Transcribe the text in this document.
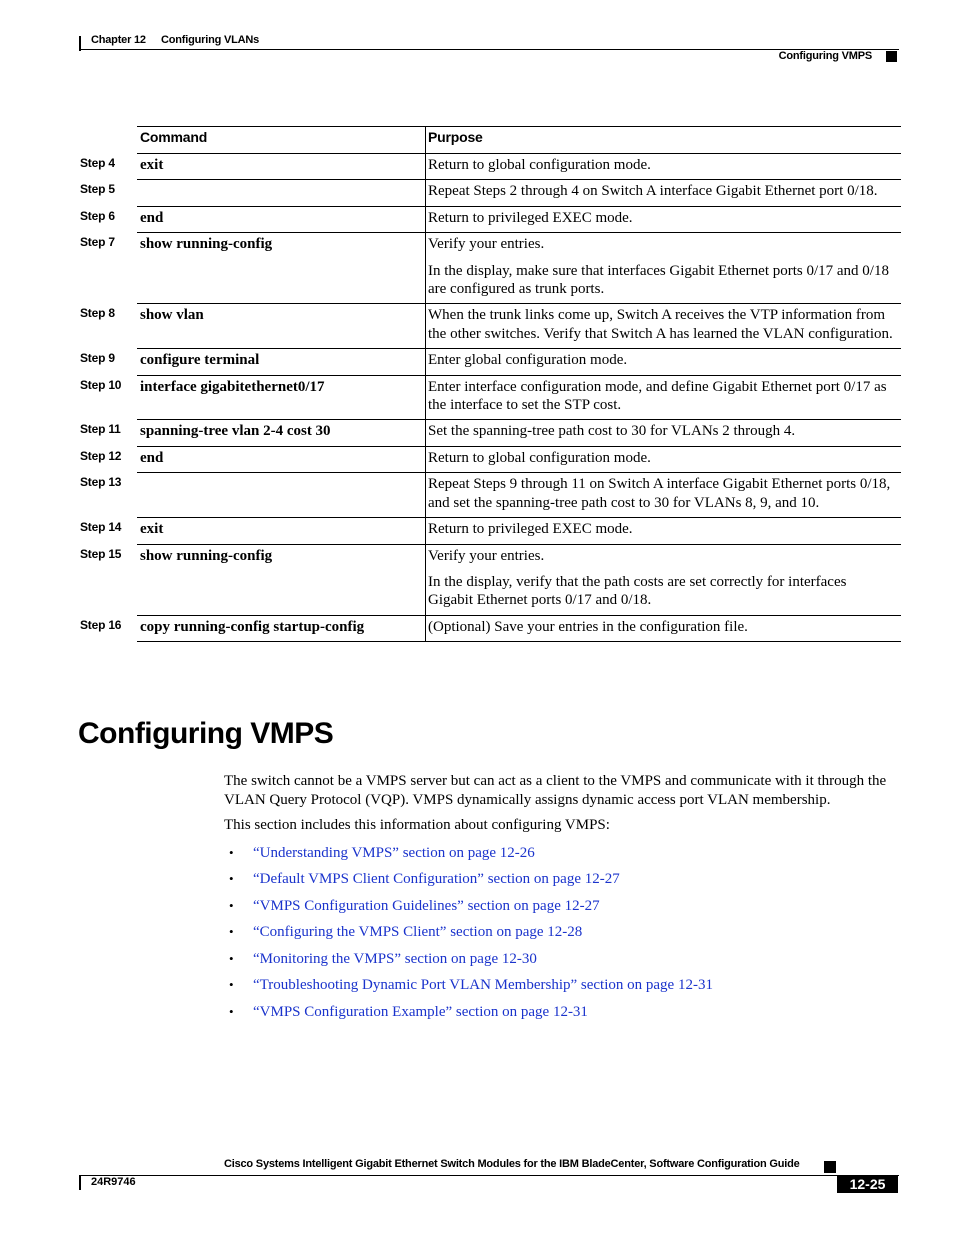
Chapter 12 Configuring VLANs
Configuring VMPS
Command	Purpose
Step 4 exit	Return to global configuration mode.

Step 5	Repeat Steps 2 through 4 on Switch A interface Gigabit Ethernet port 0/18.

Step 6 end	Return to privileged EXEC mode.

Step 7 show running-config	Verify your entries.

In the display, make sure that interfaces Gigabit Ethernet ports 0/17 and 0/18 are configured as trunk ports.

Step 8 show vlan	When the trunk links come up, Switch A receives the VTP information from the other switches. Verify that Switch A has learned the VLAN configuration.

Step 9 configure terminal	Enter global configuration mode.

Step 10 interface gigabitethernet0/17	Enter interface configuration mode, and define Gigabit Ethernet port 0/17 as the interface to set the STP cost.

Step 11 spanning-tree vlan 2-4 cost 30	Set the spanning-tree path cost to 30 for VLANs 2 through 4.

Step 12 end	Return to global configuration mode.

Step 13	Repeat Steps 9 through 11 on Switch A interface Gigabit Ethernet ports 0/18, and set the spanning-tree path cost to 30 for VLANs 8, 9, and 10.

Step 14 exit	Return to privileged EXEC mode.

Step 15 show running-config	Verify your entries.

In the display, verify that the path costs are set correctly for interfaces Gigabit Ethernet ports 0/17 and 0/18.

Step 16 copy running-config startup-config	(Optional) Save your entries in the configuration file.

Configuring VMPS

The switch cannot be a VMPS server but can act as a client to the VMPS and communicate with it through the VLAN Query Protocol (VQP). VMPS dynamically assigns dynamic access port VLAN membership.

This section includes this information about configuring VMPS:

• “Understanding VMPS” section on page 12-26
• “Default VMPS Client Configuration” section on page 12-27
• “VMPS Configuration Guidelines” section on page 12-27
• “Configuring the VMPS Client” section on page 12-28
• “Monitoring the VMPS” section on page 12-30
• “Troubleshooting Dynamic Port VLAN Membership” section on page 12-31
• “VMPS Configuration Example” section on page 12-31
Cisco Systems Intelligent Gigabit Ethernet Switch Modules for the IBM BladeCenter, Software Configuration Guide
24R9746	12-25
